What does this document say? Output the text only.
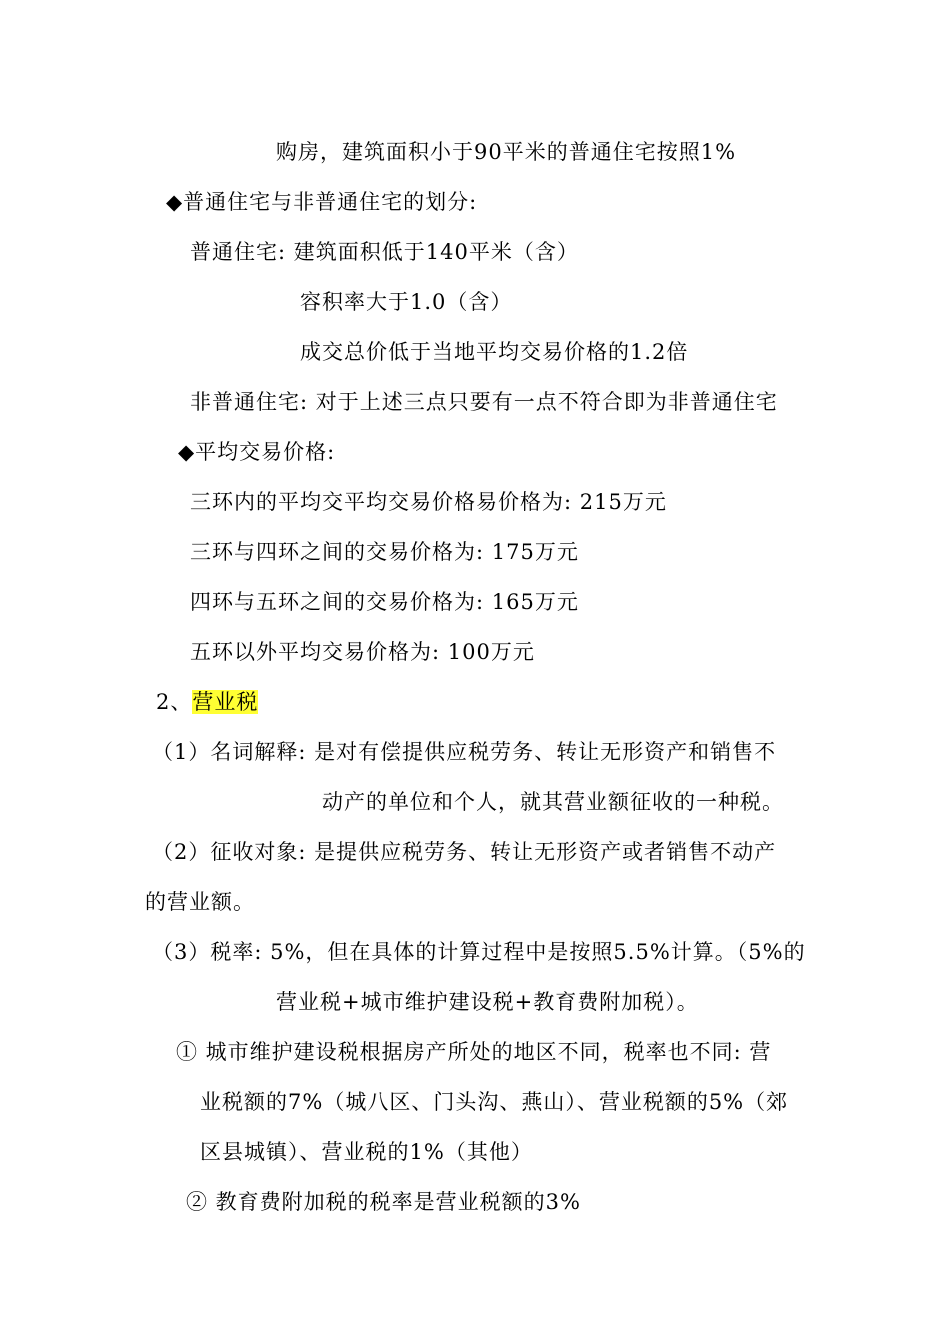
购房，建筑面积小于90平米的普通住宅按照1%
◆普通住宅与非普通住宅的划分:
普通住宅: 建筑面积低于140平米（含）
容积率大于1.0（含）
成交总价低于当地平均交易价格的1.2倍
非普通住宅: 对于上述三点只要有一点不符合即为非普通住宅
◆平均交易价格:
三环内的平均交平均交易价格易价格为: 215万元
三环与四环之间的交易价格为: 175万元
四环与五环之间的交易价格为: 165万元
五环以外平均交易价格为: 100万元
2、营业税
（1）名词解释: 是对有偿提供应税劳务、转让无形资产和销售不
动产的单位和个人，就其营业额征收的一种税。
（2）征收对象: 是提供应税劳务、转让无形资产或者销售不动产
的营业额。
（3）税率: 5%，但在具体的计算过程中是按照5.5%计算。（5%的
营业税+城市维护建设税+教育费附加税）。
① 城市维护建设税根据房产所处的地区不同，税率也不同: 营
业税额的7%（城八区、门头沟、燕山）、营业税额的5%（郊
区县城镇）、营业税的1%（其他）
② 教育费附加税的税率是营业税额的3%
